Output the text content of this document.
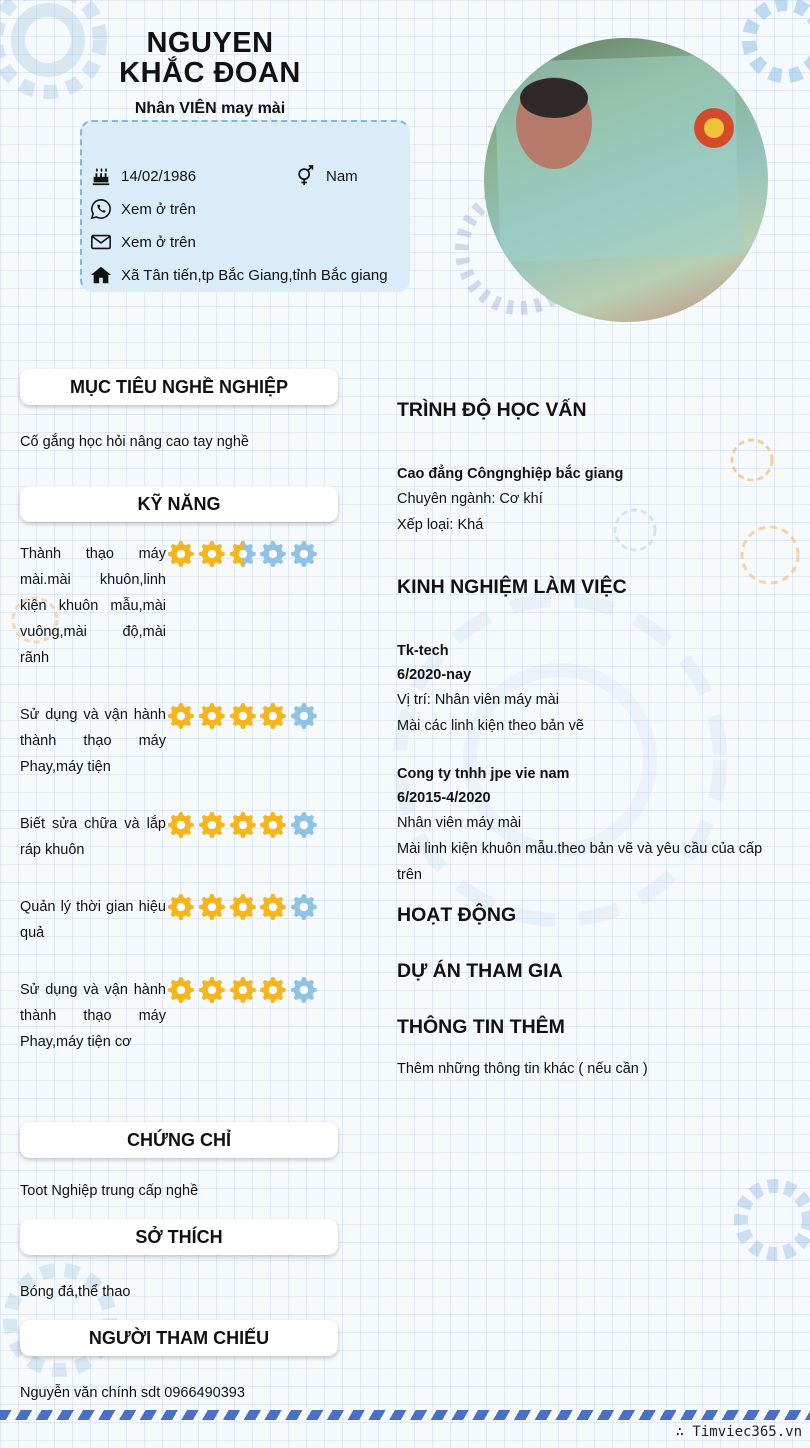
NGUYEN
KHẮC ĐOAN
Nhân VIÊN may mài
14/02/1986	Nam
Xem ở trên
Xem ở trên
Xã Tân tiến,tp Bắc Giang,tỉnh Bắc giang
MỤC TIÊU NGHỀ NGHIỆP
Cố gắng học hỏi nâng cao tay nghề
KỸ NĂNG
Thành thạo máy mài.mài khuôn,linh kiện khuôn mẫu,mài vuông,mài độ,mài rãnh
Sử dụng và vận hành thành thạo máy Phay,máy tiện
Biết sửa chữa và lắp ráp khuôn
Quản lý thời gian hiệu quả
Sử dụng và vận hành thành thạo máy Phay,máy tiện cơ
CHỨNG CHỈ
Toot Nghiệp trung cấp nghề
SỞ THÍCH
Bóng đá,thể thao
NGƯỜI THAM CHIẾU
Nguyễn văn chính sdt 0966490393
TRÌNH ĐỘ HỌC VẤN
Cao đẳng Côngnghiệp bắc giang
Chuyên ngành: Cơ khí
Xếp loại: Khá
KINH NGHIỆM LÀM VIỆC
Tk-tech
6/2020-nay
Vị trí: Nhân viên máy mài
Mài các linh kiện theo bản vẽ
Cong ty tnhh jpe vie nam
6/2015-4/2020
Nhân viên máy mài
Mài linh kiện khuôn mẫu.theo bản vẽ và yêu cầu của cấp trên
HOẠT ĐỘNG
DỰ ÁN THAM GIA
THÔNG TIN THÊM
Thêm những thông tin khác ( nếu cần )
∴ Timviec365.vn
